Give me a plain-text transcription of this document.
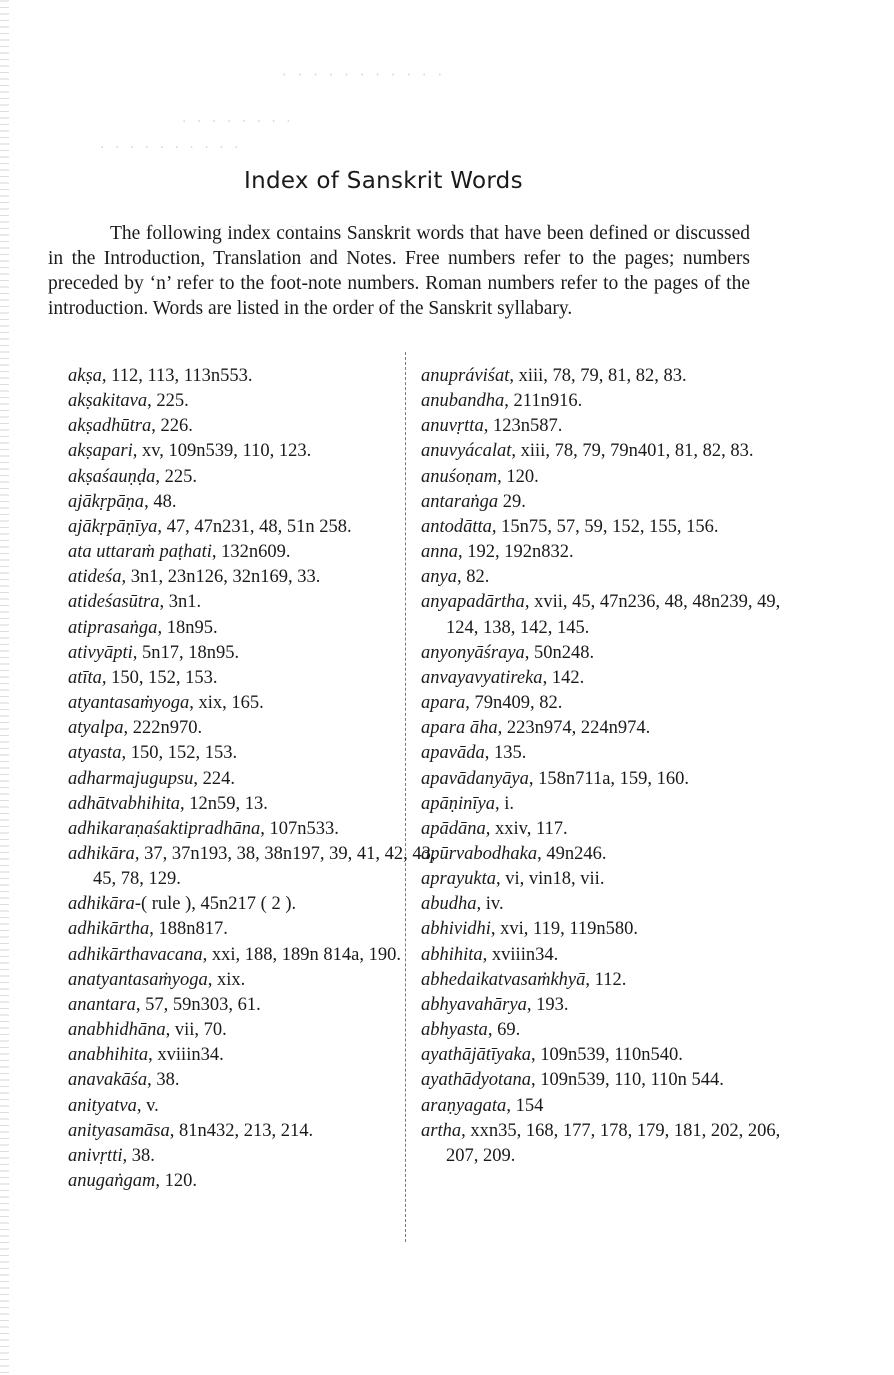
· · · · · · · · · · ·
· · · · · · · ·
· · · · · · · · · ·
Index of Sanskrit Words

The following index contains Sanskrit words that have been defined or discussed in the Introduction, Translation and Notes. Free numbers refer to the pages; numbers preceded by ‘n’ refer to the foot-note numbers. Roman numbers refer to the pages of the introduction. Words are listed in the order of the Sanskrit syllabary.

akṣa, 112, 113, 113n553.
akṣakitava, 225.
akṣadhūtra, 226.
akṣapari, xv, 109n539, 110, 123.
akṣaśauṇḍa, 225.
ajākṛpāṇa, 48.
ajākṛpāṇīya, 47, 47n231, 48, 51n 258.
ata uttaraṁ paṭhati, 132n609.
atideśa, 3n1, 23n126, 32n169, 33.
atideśasūtra, 3n1.
atiprasaṅga, 18n95.
ativyāpti, 5n17, 18n95.
atīta, 150, 152, 153.
atyantasaṁyoga, xix, 165.
atyalpa, 222n970.
atyasta, 150, 152, 153.
adharmajugupsu, 224.
adhātvabhihita, 12n59, 13.
adhikaraṇaśaktipradhāna, 107n533.
adhikāra, 37, 37n193, 38, 38n197, 39, 41, 42, 43, 45, 78, 129.
adhikāra-( rule ), 45n217 ( 2 ).
adhikārtha, 188n817.
adhikārthavacana, xxi, 188, 189n 814a, 190.
anatyantasaṁyoga, xix.
anantara, 57, 59n303, 61.
anabhidhāna, vii, 70.
anabhihita, xviiin34.
anavakāśa, 38.
anityatva, v.
anityasamāsa, 81n432, 213, 214.
anivṛtti, 38.
anugaṅgam, 120.
anupráviśat, xiii, 78, 79, 81, 82, 83.
anubandha, 211n916.
anuvṛtta, 123n587.
anuvyácalat, xiii, 78, 79, 79n401, 81, 82, 83.
anuśoṇam, 120.
antaraṅga 29.
antodātta, 15n75, 57, 59, 152, 155, 156.
anna, 192, 192n832.
anya, 82.
anyapadārtha, xvii, 45, 47n236, 48, 48n239, 49, 124, 138, 142, 145.
anyonyāśraya, 50n248.
anvayavyatireka, 142.
apara, 79n409, 82.
apara āha, 223n974, 224n974.
apavāda, 135.
apavādanyāya, 158n711a, 159, 160.
apāṇinīya, i.
apādāna, xxiv, 117.
apūrvabodhaka, 49n246.
aprayukta, vi, vin18, vii.
abudha, iv.
abhividhi, xvi, 119, 119n580.
abhihita, xviiin34.
abhedaikatvasaṁkhyā, 112.
abhyavahārya, 193.
abhyasta, 69.
ayathājātīyaka, 109n539, 110n540.
ayathādyotana, 109n539, 110, 110n 544.
araṇyagata, 154
artha, xxn35, 168, 177, 178, 179, 181, 202, 206, 207, 209.
